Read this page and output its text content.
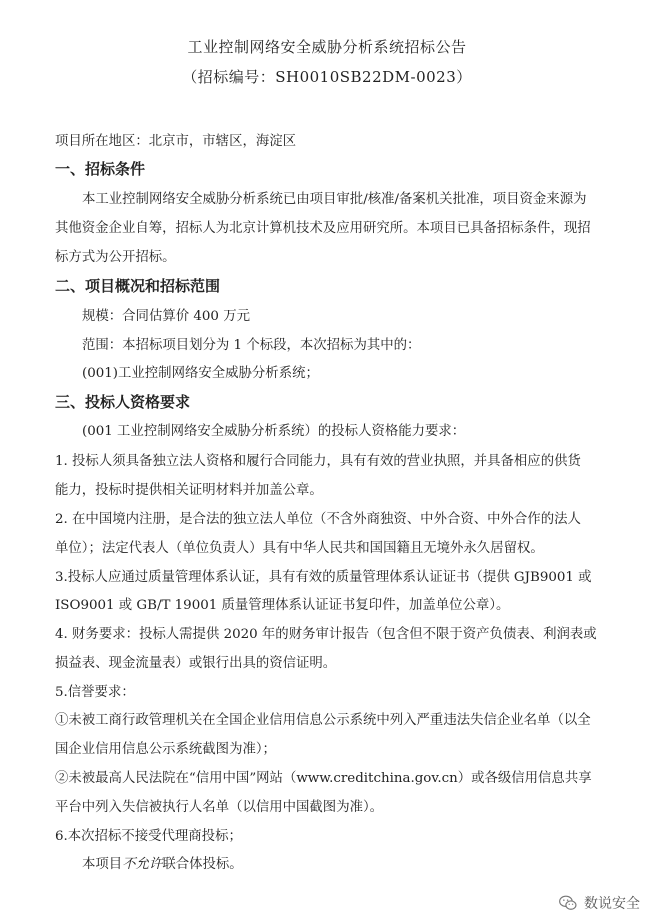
工业控制网络安全威胁分析系统招标公告
（招标编号：SH0010SB22DM-0023）
项目所在地区：北京市，市辖区，海淀区
一、招标条件
本工业控制网络安全威胁分析系统已由项目审批/核准/备案机关批准，项目资金来源为
其他资金企业自筹，招标人为北京计算机技术及应用研究所。本项目已具备招标条件，现招
标方式为公开招标。
二、项目概况和招标范围
规模：合同估算价 400 万元
范围：本招标项目划分为 1 个标段，本次招标为其中的：
(001)工业控制网络安全威胁分析系统；
三、投标人资格要求
(001 工业控制网络安全威胁分析系统）的投标人资格能力要求：
1. 投标人须具备独立法人资格和履行合同能力，具有有效的营业执照，并具备相应的供货
能力，投标时提供相关证明材料并加盖公章。
2. 在中国境内注册，是合法的独立法人单位（不含外商独资、中外合资、中外合作的法人
单位）；法定代表人（单位负责人）具有中华人民共和国国籍且无境外永久居留权。
3.投标人应通过质量管理体系认证，具有有效的质量管理体系认证证书（提供 GJB9001 或
ISO9001 或 GB/T 19001 质量管理体系认证证书复印件，加盖单位公章）。
4. 财务要求：投标人需提供 2020 年的财务审计报告（包含但不限于资产负债表、利润表或
损益表、现金流量表）或银行出具的资信证明。
5.信誉要求：
①未被工商行政管理机关在全国企业信用信息公示系统中列入严重违法失信企业名单（以全
国企业信用信息公示系统截图为准）；
②未被最高人民法院在“信用中国”网站（www.creditchina.gov.cn）或各级信用信息共享
平台中列入失信被执行人名单（以信用中国截图为准）。
6.本次招标不接受代理商投标；
本项目不允许联合体投标。
数说安全
